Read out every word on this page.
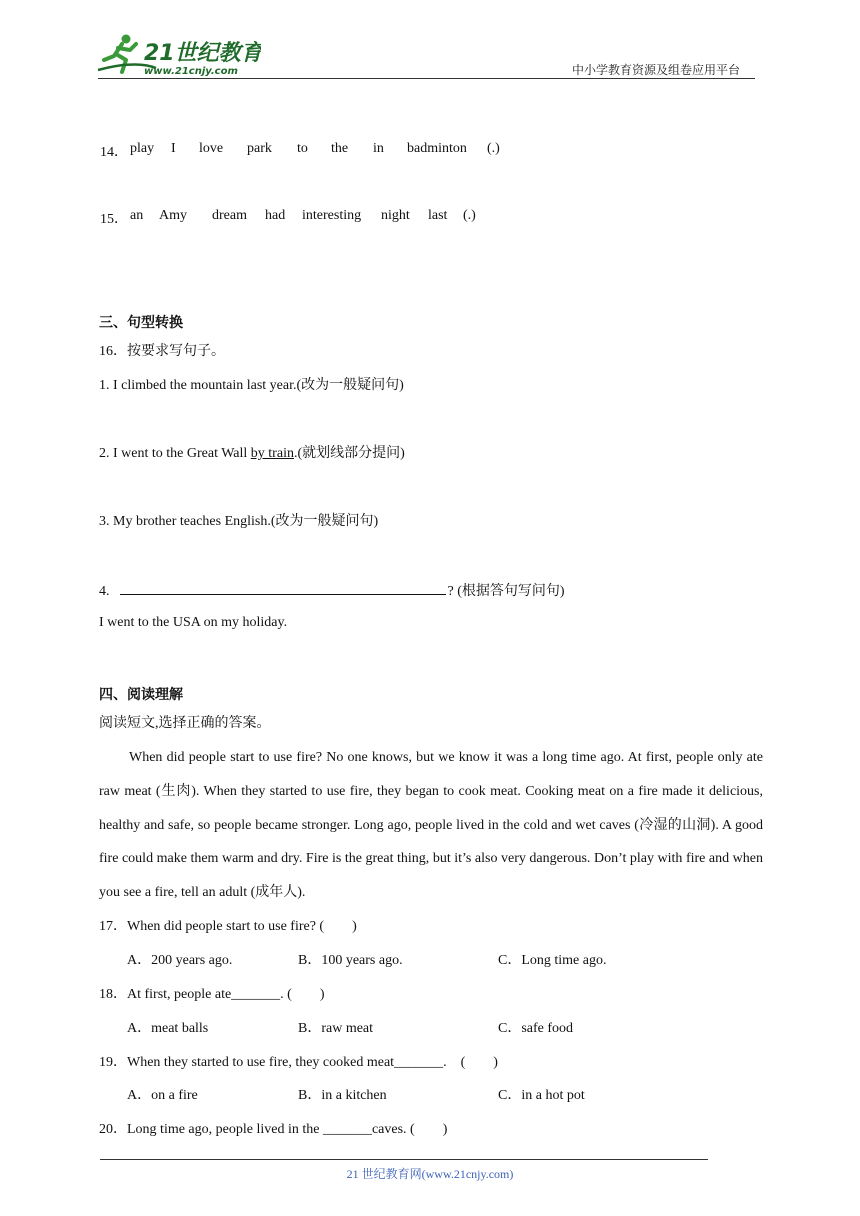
21世纪教育
www.21cnjy.com	中小学教育资源及组卷应用平台
14． play I love park to the in badminton (.)
15． an Amy dream had interesting night last (.)
三、句型转换
16．按要求写句子。
1. I climbed the mountain last year.(改为一般疑问句)
2. I went to the Great Wall by train.(就划线部分提问)
3. My brother teaches English.(改为一般疑问句)
4.	? (根据答句写问句)
I went to the USA on my holiday.
四、阅读理解
阅读短文,选择正确的答案。

When did people start to use fire? No one knows, but we know it was a long time ago. At first, people only ate raw meat (生肉). When they started to use fire, they began to cook meat. Cooking meat on a fire made it delicious, healthy and safe, so people became stronger. Long ago, people lived in the cold and wet caves (冷湿的山洞). A good fire could make them warm and dry. Fire is the great thing, but it’s also very dangerous. Don’t play with fire and when you see a fire, tell an adult (成年人).

17．When did people start to use fire? (　　)
A．200 years ago.	B．100 years ago.	C．Long time ago.
18．At first, people ate_______. (　　)
A．meat balls	B．raw meat	C．safe food
19．When they started to use fire, they cooked meat_______.　(　　)
A．on a fire	B．in a kitchen	C．in a hot pot
20．Long time ago, people lived in the _______caves. (　　)
21 世纪教育网(www.21cnjy.com)
